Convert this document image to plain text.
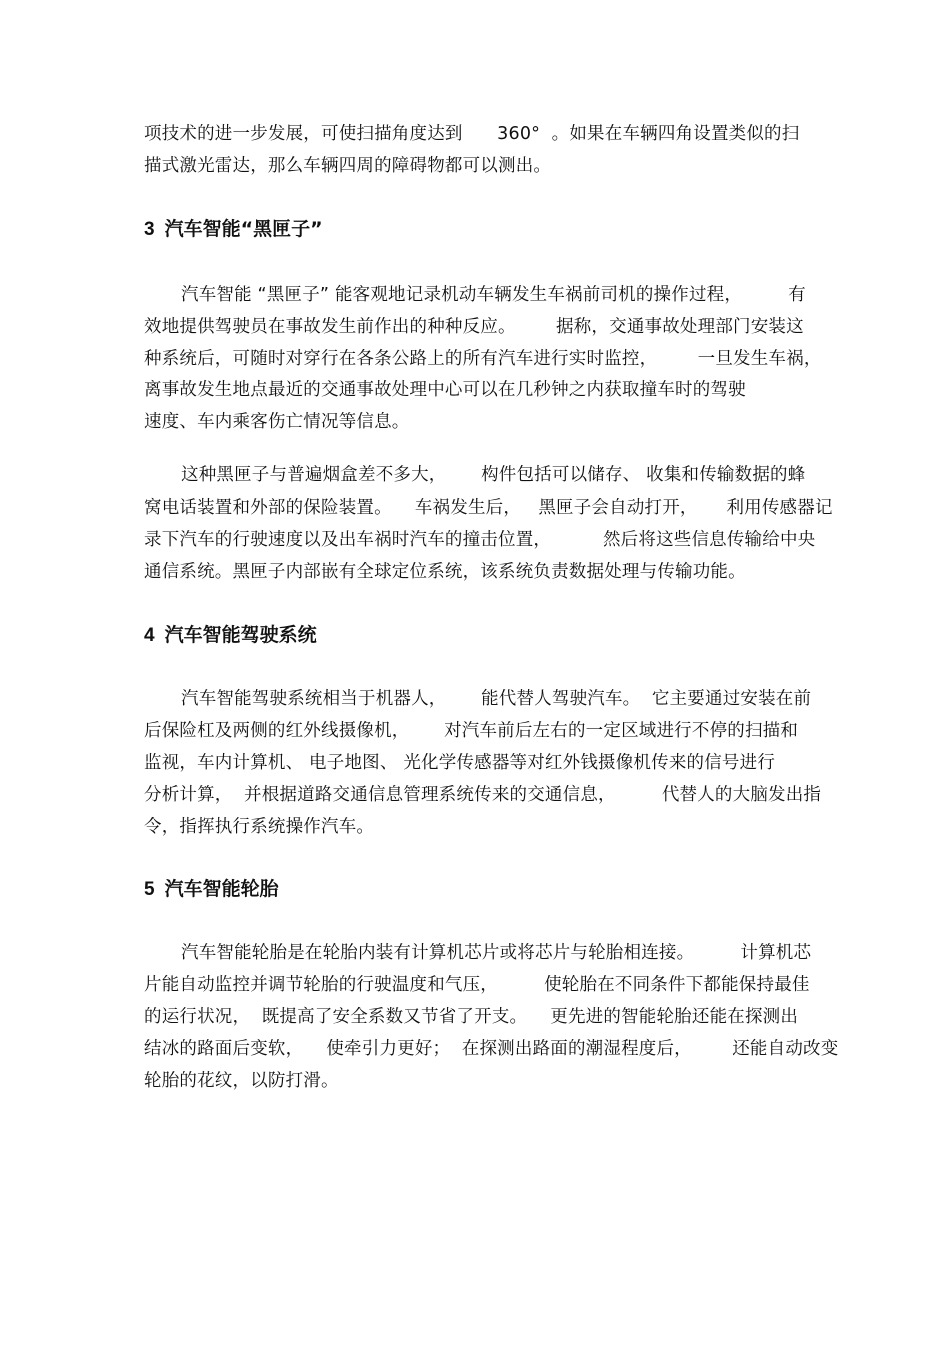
项技术的进一步发展，可使扫描角度达到      360°  。如果在车辆四角设置类似的扫

描式激光雷达，那么车辆四周的障碍物都可以测出。

3 汽车智能“黑匣子”

汽车智能 “黑匣子” 能客观地记录机动车辆发生车祸前司机的操作过程，        有

效地提供驾驶员在事故发生前作出的种种反应。       据称，交通事故处理部门安装这

种系统后，可随时对穿行在各条公路上的所有汽车进行实时监控，       一旦发生车祸，

离事故发生地点最近的交通事故处理中心可以在几秒钟之内获取撞车时的驾驶

速度、车内乘客伤亡情况等信息。

这种黑匣子与普遍烟盒差不多大，      构件包括可以储存、 收集和传输数据的蜂

窝电话装置和外部的保险装置。    车祸发生后，   黑匣子会自动打开，     利用传感器记

录下汽车的行驶速度以及出车祸时汽车的撞击位置，         然后将这些信息传输给中央

通信系统。黑匣子内部嵌有全球定位系统，该系统负责数据处理与传输功能。

4 汽车智能驾驶系统

汽车智能驾驶系统相当于机器人，      能代替人驾驶汽车。  它主要通过安装在前

后保险杠及两侧的红外线摄像机，      对汽车前后左右的一定区域进行不停的扫描和

监视，车内计算机、 电子地图、 光化学传感器等对红外钱摄像机传来的信号进行

分析计算，  并根据道路交通信息管理系统传来的交通信息，        代替人的大脑发出指

令，指挥执行系统操作汽车。

5 汽车智能轮胎

汽车智能轮胎是在轮胎内装有计算机芯片或将芯片与轮胎相连接。        计算机芯

片能自动监控并调节轮胎的行驶温度和气压，        使轮胎在不同条件下都能保持最佳

的运行状况，  既提高了安全系数又节省了开支。    更先进的智能轮胎还能在探测出

结冰的路面后变软，    使牵引力更好；  在探测出路面的潮湿程度后，       还能自动改变

轮胎的花纹，以防打滑。
